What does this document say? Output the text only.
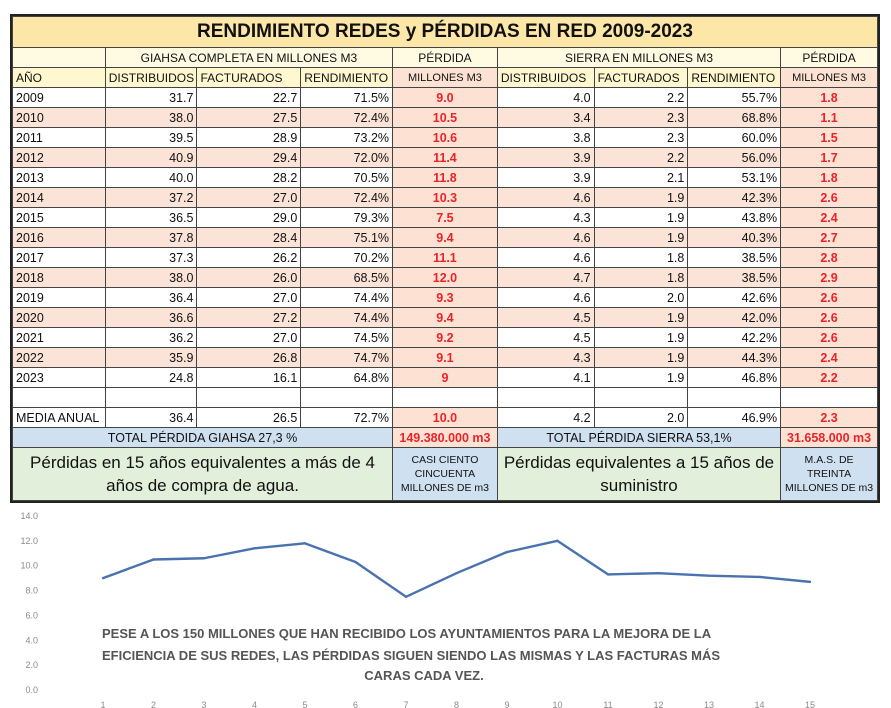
RENDIMIENTO REDES y PÉRDIDAS EN RED 2009-2023								
	GIAHSA COMPLETA EN MILLONES M3			PÉRDIDA	SIERRA EN MILLONES M3			PÉRDIDA
AÑO	DISTRIBUIDOS	FACTURADOS	RENDIMIENTO	MILLONES M3	DISTRIBUIDOS	FACTURADOS	RENDIMIENTO	MILLONES M3
2009	31.7	22.7	71.5%	9.0	4.0	2.2	55.7%	1.8
2010	38.0	27.5	72.4%	10.5	3.4	2.3	68.8%	1.1
2011	39.5	28.9	73.2%	10.6	3.8	2.3	60.0%	1.5
2012	40.9	29.4	72.0%	11.4	3.9	2.2	56.0%	1.7
2013	40.0	28.2	70.5%	11.8	3.9	2.1	53.1%	1.8
2014	37.2	27.0	72.4%	10.3	4.6	1.9	42.3%	2.6
2015	36.5	29.0	79.3%	7.5	4.3	1.9	43.8%	2.4
2016	37.8	28.4	75.1%	9.4	4.6	1.9	40.3%	2.7
2017	37.3	26.2	70.2%	11.1	4.6	1.8	38.5%	2.8
2018	38.0	26.0	68.5%	12.0	4.7	1.8	38.5%	2.9
2019	36.4	27.0	74.4%	9.3	4.6	2.0	42.6%	2.6
2020	36.6	27.2	74.4%	9.4	4.5	1.9	42.0%	2.6
2021	36.2	27.0	74.5%	9.2	4.5	1.9	42.2%	2.6
2022	35.9	26.8	74.7%	9.1	4.3	1.9	44.3%	2.4
2023	24.8	16.1	64.8%	9	4.1	1.9	46.8%	2.2

MEDIA ANUAL	36.4	26.5	72.7%	10.0	4.2	2.0	46.9%	2.3
TOTAL PÉRDIDA GIAHSA 27,3 %				149.380.000 m3	TOTAL PÉRDIDA SIERRA 53,1%			31.658.000 m3
Pérdidas en 15 años equivalentes a más de 4 años de compra de agua.				CASI CIENTO CINCUENTA MILLONES DE m3	Pérdidas equivalentes a 15 años de suministro			M.A.S. DE TREINTA MILLONES DE m3
0.0
2.0
4.0
6.0
8.0
10.0
12.0
14.0
1	2	3	4	5	6	7	8	9	10	11	12	13	14	15
PESE A LOS 150 MILLONES QUE HAN RECIBIDO LOS AYUNTAMIENTOS PARA LA MEJORA DE LA
EFICIENCIA DE SUS REDES, LAS PÉRDIDAS SIGUEN SIENDO LAS MISMAS Y LAS FACTURAS MÁS
CARAS CADA VEZ.
